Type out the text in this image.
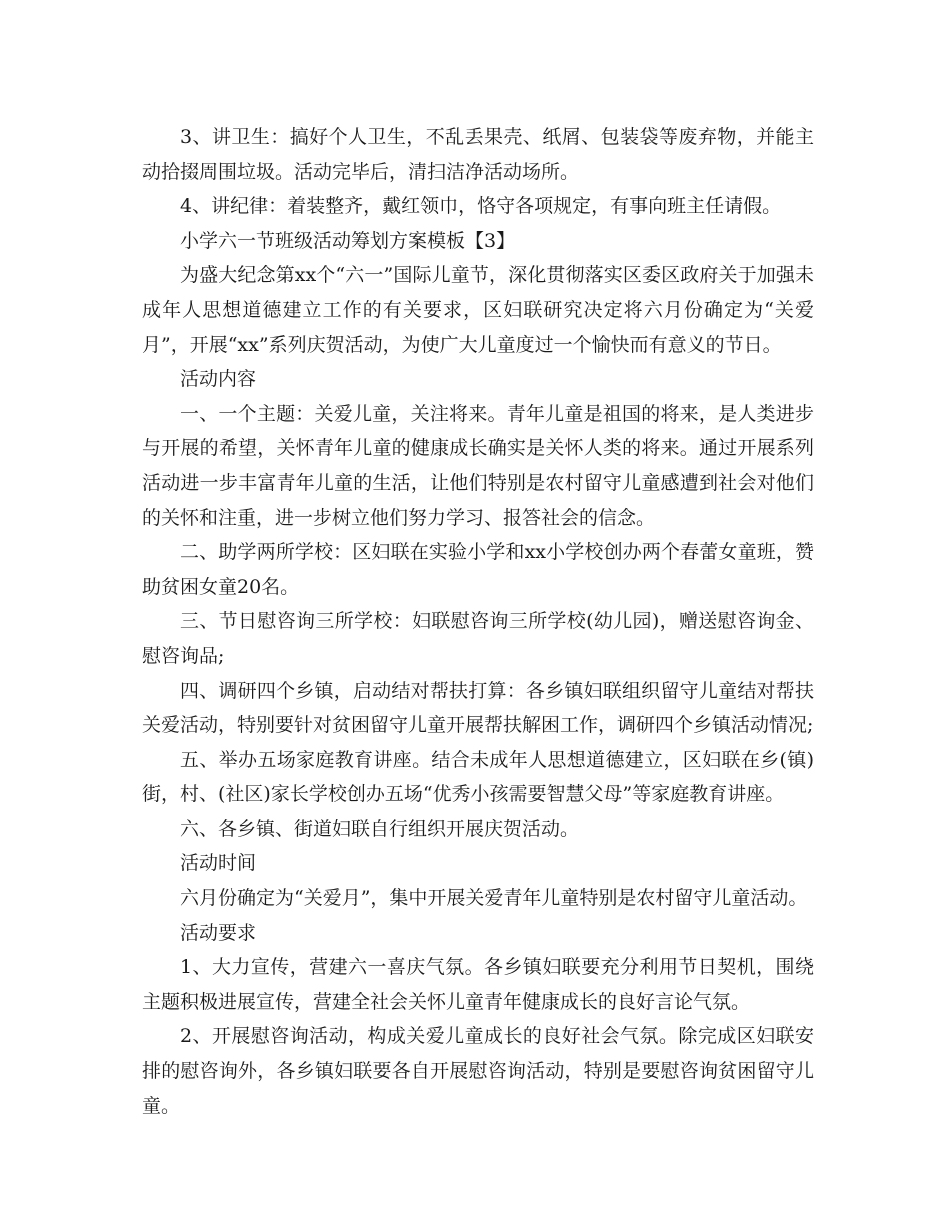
3、讲卫生：搞好个人卫生，不乱丢果壳、纸屑、包装袋等废弃物，并能主动拾掇周围垃圾。活动完毕后，清扫洁净活动场所。

4、讲纪律：着装整齐，戴红领巾，恪守各项规定，有事向班主任请假。

小学六一节班级活动筹划方案模板【3】

为盛大纪念第xx个“六一”国际儿童节，深化贯彻落实区委区政府关于加强未成年人思想道德建立工作的有关要求，区妇联研究决定将六月份确定为“关爱月”，开展“xx”系列庆贺活动，为使广大儿童度过一个愉快而有意义的节日。

活动内容

一、一个主题：关爱儿童，关注将来。青年儿童是祖国的将来，是人类进步与开展的希望，关怀青年儿童的健康成长确实是关怀人类的将来。通过开展系列活动进一步丰富青年儿童的生活，让他们特别是农村留守儿童感遭到社会对他们的关怀和注重，进一步树立他们努力学习、报答社会的信念。

二、助学两所学校：区妇联在实验小学和xx小学校创办两个春蕾女童班，赞助贫困女童20名。

三、节日慰咨询三所学校：妇联慰咨询三所学校(幼儿园)，赠送慰咨询金、慰咨询品;

四、调研四个乡镇，启动结对帮扶打算：各乡镇妇联组织留守儿童结对帮扶关爱活动，特别要针对贫困留守儿童开展帮扶解困工作，调研四个乡镇活动情况;

五、举办五场家庭教育讲座。结合未成年人思想道德建立，区妇联在乡(镇)街，村、(社区)家长学校创办五场“优秀小孩需要智慧父母”等家庭教育讲座。

六、各乡镇、街道妇联自行组织开展庆贺活动。

活动时间

六月份确定为“关爱月”，集中开展关爱青年儿童特别是农村留守儿童活动。

活动要求

1、大力宣传，营建六一喜庆气氛。各乡镇妇联要充分利用节日契机，围绕主题积极进展宣传，营建全社会关怀儿童青年健康成长的良好言论气氛。

2、开展慰咨询活动，构成关爱儿童成长的良好社会气氛。除完成区妇联安排的慰咨询外，各乡镇妇联要各自开展慰咨询活动，特别是要慰咨询贫困留守儿童。
